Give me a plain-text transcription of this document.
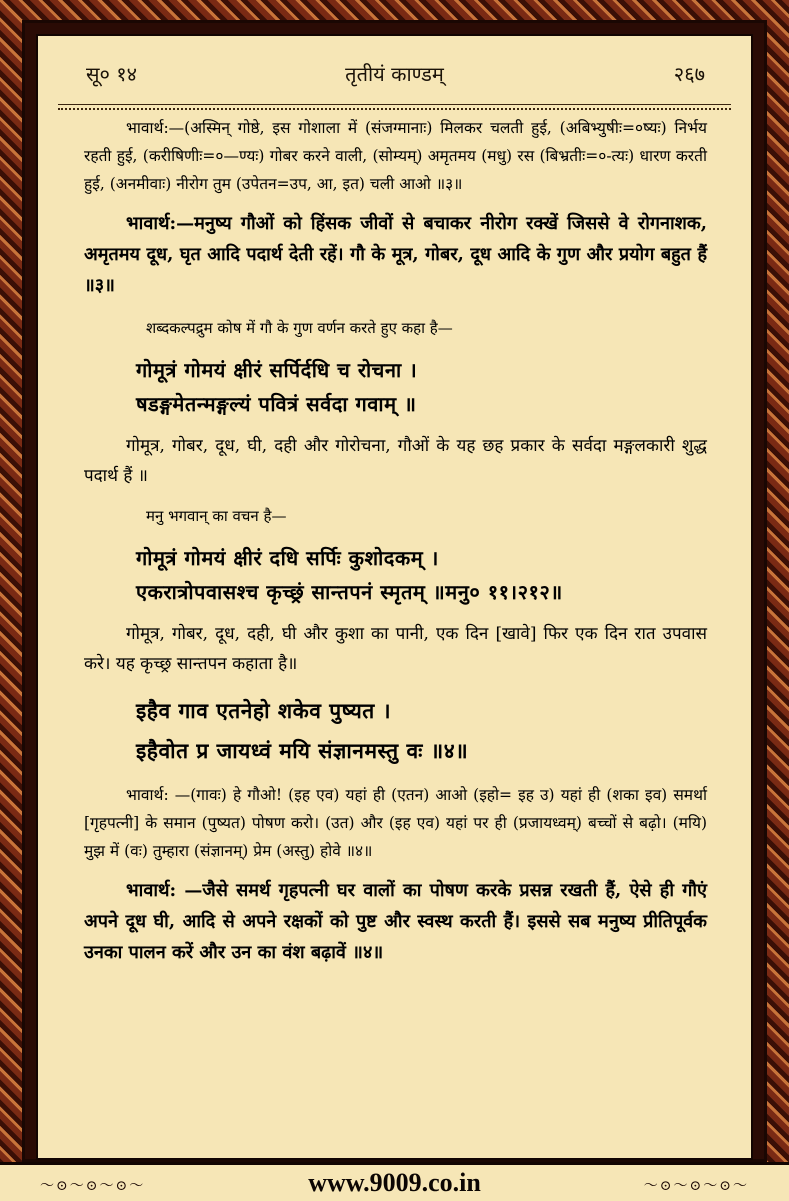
सू० १४	तृतीयं काण्डम्	२६७

भावार्थ:—(अस्मिन् गोष्ठे, इस गोशाला में (संजग्मानाः) मिलकर चलती हुई, (अबिभ्युषीः=०ष्यः) निर्भय रहती हुई, (करीषिणीः=०—ण्यः) गोबर करने वाली, (सोम्यम्) अमृतमय (मधु) रस (बिभ्रतीः=०-त्यः) धारण करती हुई, (अनमीवाः) नीरोग तुम (उपेतन=उप, आ, इत) चली आओ ॥३॥

भावार्थ:—मनुष्य गौओं को हिंसक जीवों से बचाकर नीरोग रक्खें जिससे वे रोगनाशक, अमृतमय दूध, घृत आदि पदार्थ देती रहें। गौ के मूत्र, गोबर, दूध आदि के गुण और प्रयोग बहुत हैं ॥३॥

शब्दकल्पद्रुम कोष में गौ के गुण वर्णन करते हुए कहा है—

गोमूत्रं गोमयं क्षीरं सर्पिर्दधि च रोचना ।

षडङ्गमेतन्मङ्गल्यं पवित्रं सर्वदा गवाम् ॥

गोमूत्र, गोबर, दूध, घी, दही और गोरोचना, गौओं के यह छह प्रकार के सर्वदा मङ्गलकारी शुद्ध पदार्थ हैं ॥

मनु भगवान् का वचन है—

गोमूत्रं गोमयं क्षीरं दधि सर्पिः कुशोदकम् ।

एकरात्रोपवासश्च कृच्छ्रं सान्तपनं स्मृतम् ॥मनु० ११।२१२॥

गोमूत्र, गोबर, दूध, दही, घी और कुशा का पानी, एक दिन [खावे] फिर एक दिन रात उपवास करे। यह कृच्छ्र सान्तपन कहाता है॥

इहैव गाव एतनेहो शकेव पुष्यत ।

इहैवोत प्र जायध्वं मयि संज्ञानमस्तु वः ॥४॥

भावार्थ: —(गावः) हे गौओ! (इह एव) यहां ही (एतन) आओ (इहो= इह उ) यहां ही (शका इव) समर्था [गृहपत्नी] के समान (पुष्यत) पोषण करो। (उत) और (इह एव) यहां पर ही (प्रजायध्वम्) बच्चों से बढ़ो। (मयि) मुझ में (वः) तुम्हारा (संज्ञानम्) प्रेम (अस्तु) होवे ॥४॥

भावार्थ: —जैसे समर्थ गृहपत्नी घर वालों का पोषण करके प्रसन्न रखती हैं, ऐसे ही गौएं अपने दूध घी, आदि से अपने रक्षकों को पुष्ट और स्वस्थ करती हैं। इससे सब मनुष्य प्रीतिपूर्वक उनका पालन करें और उन का वंश बढ़ावें ॥४॥

〜⊙〜⊙〜⊙〜	www.9009.co.in	〜⊙〜⊙〜⊙〜
